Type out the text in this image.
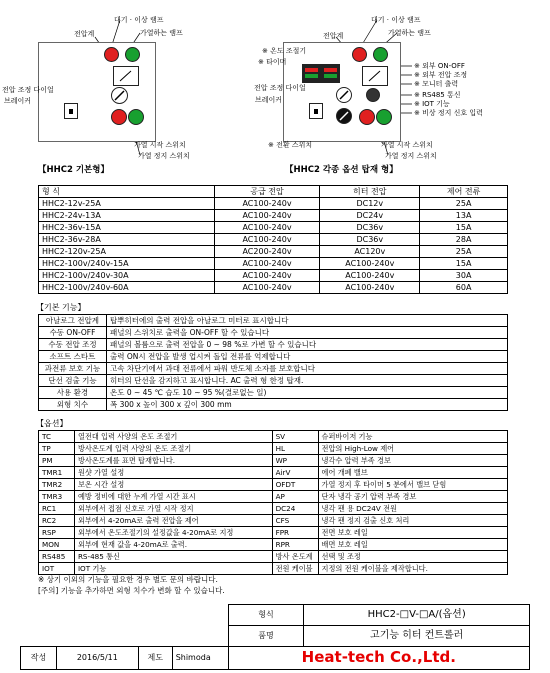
대기 · 이상 램프
가열하는 램프
전압계
전압 조정 다이얼
브레이커
가열 시작 스위치
가열 정지 스위치
【HHC2 기본형】
대기 · 이상 램프
가열하는 램프
전압계
※ 온도 조절기
※ 타이머	※ 외부 ON-OFF
※ 외부 전압 조정
※ 모니터 출력
※ RS485 통신
※ IOT 기능
※ 비상 정지 신호 입력
전압 조정 다이얼
브레이커
※ 전환 스위치	가열 시작 스위치
가열 정지 스위치
【HHC2 각종 옵션 탑재 형】
형 식	공급 전압	히터 전압	제어 전류
HHC2-12v-25A	AC100-240v	DC12v	25A
HHC2-24v-13A	AC100-240v	DC24v	13A
HHC2-36v-15A	AC100-240v	DC36v	15A
HHC2-36v-28A	AC100-240v	DC36v	28A
HHC2-120v-25A	AC200-240v	AC120v	25A
HHC2-100v/240v-15A	AC100-240v	AC100-240v	15A
HHC2-100v/240v-30A	AC100-240v	AC100-240v	30A
HHC2-100v/240v-60A	AC100-240v	AC100-240v	60A
【기본 기능】
아날로그 전압계	탑뿌히터에의 출력 전압을 아날로그 미터로 표시합니다
수동 ON-OFF	패널의 스위치로 출력을 ON-OFF 할 수 있습니다
수동 전압 조정	패널의 볼륨으로 출력 전압을 0 ~ 98 %로 가변 할 수 있습니다
소프트 스타트	출력 ON시 전압을 발생 업시켜 돌입 전류를 억제합니다
과전류 보호 기능	고속 차단기에서 과대 전류에서 파워 반도체 소자를 보호합니다
단선 검출 기능	히터의 단선을 감지하고 표시합니다. AC 출력 형 한정 탑재.
사용 환경	온도 0 ~ 45 ℃ 습도 10 ~ 95 %(결로없는 일)
외형 치수	폭 300 x 높이 300 x 깊이 300 mm
【옵션】
TC	열전대 입력 사양의 온도 조절기	SV	슈퍼바이저 기능
TP	방사온도계 입력 사양의 온도 조절기	HL	전압의 High-Low 제어
PM	방사온도계를 표면 탑재합니다.	WP	냉각수 압력 부족 경보
TMR1	원샷 가열 설정	AirV	에어 개폐 밸브
TMR2	보온 시간 설정	OFDT	가열 정지 후 타이머 5 분에서 밸브 닫힘
TMR3	예방 정비에 대한 누계 가열 시간 표시	AP	단자 냉각 공기 압력 부족 경보
RC1	외부에서 접점 신호로 가열 시작 정지	DC24	냉각 팬 용 DC24V 전원
RC2	외부에서 4-20mA로 출력 전압을 제어	CFS	냉각 팬 정지 검출 신호 처리
RSP	외부에서 온도조절기의 설정값을 4-20mA로 지정	FPR	전면 보호 레일
MON	외부에 현재 값을 4-20mA로 출력.	RPR	배면 보호 레일
RS485	RS-485 통신	방사 온도계	선택 및 조정
IOT	IOT 기능	전원 케이블	지정의 전원 케이블을 제작합니다.
※ 상기 이외의 기능을 필요한 경우 별도 문의 바랍니다.
[주의] 기능을 추가하면 외형 치수가 변화 할 수 있습니다.
				형식	HHC2-□V-□A/(옵션)
				품명	고기능 히터 컨트롤러
작성	2016/5/11	제도	Shimoda	Heat-tech Co.,Ltd.	
